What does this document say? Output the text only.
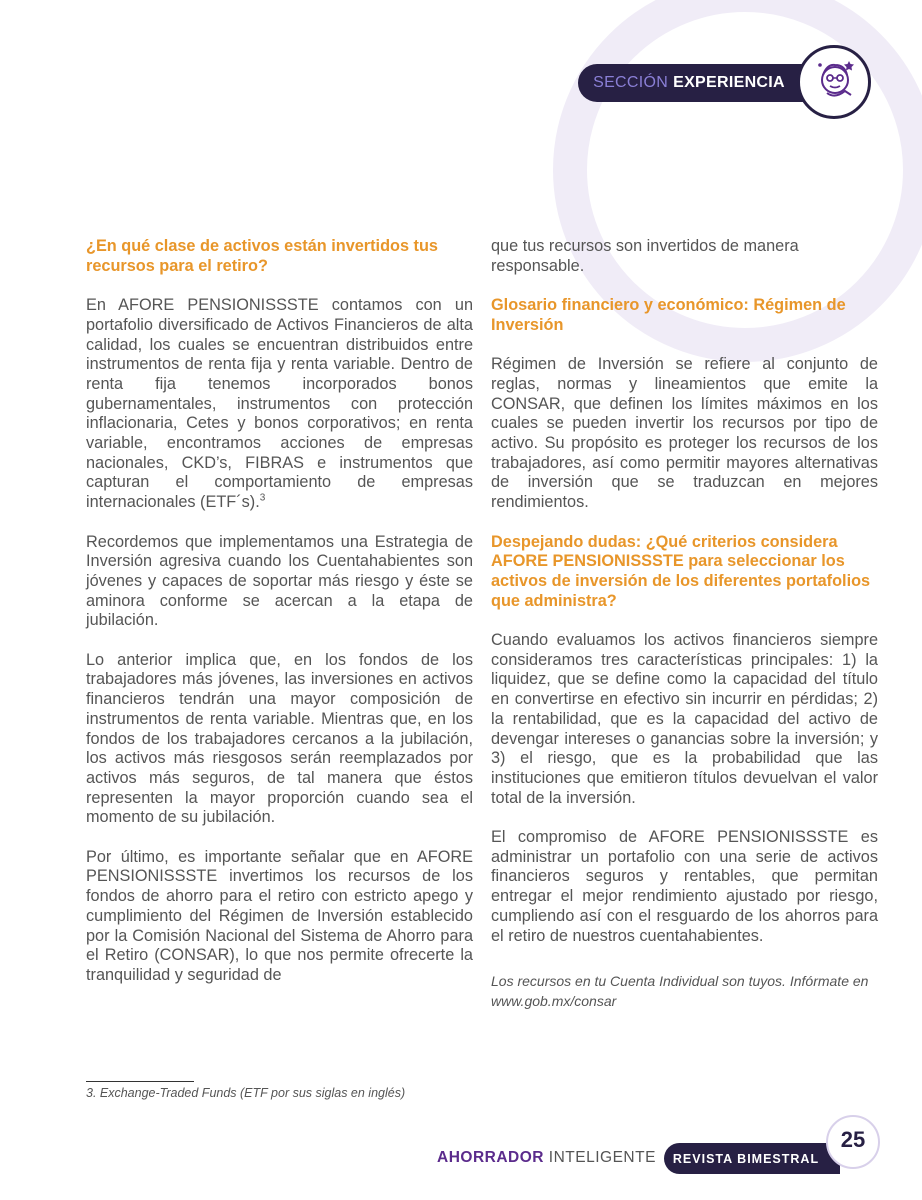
SECCIÓN EXPERIENCIA
¿En qué clase de activos están invertidos tus recursos para el retiro?

En AFORE PENSIONISSSTE contamos con un portafolio diversificado de Activos Financieros de alta calidad, los cuales se encuentran distribuidos entre instrumentos de renta fija y renta variable. Dentro de renta fija tenemos incorporados bonos gubernamentales, instrumentos con protección inflacionaria, Cetes y bonos corporativos; en renta variable, encontramos acciones de empresas nacionales, CKD’s, FIBRAS e instrumentos que capturan el comportamiento de empresas internacionales (ETF´s).$^3$

Recordemos que implementamos una Estrategia de Inversión agresiva cuando los Cuentahabientes son jóvenes y capaces de soportar más riesgo y éste se aminora conforme se acercan a la etapa de jubilación.

Lo anterior implica que, en los fondos de los trabajadores más jóvenes, las inversiones en activos financieros tendrán una mayor composición de instrumentos de renta variable. Mientras que, en los fondos de los trabajadores cercanos a la jubilación, los activos más riesgosos serán reemplazados por activos más seguros, de tal manera que éstos representen la mayor proporción cuando sea el momento de su jubilación.

Por último, es importante señalar que en AFORE PENSIONISSSTE invertimos los recursos de los fondos de ahorro para el retiro con estricto apego y cumplimiento del Régimen de Inversión establecido por la Comisión Nacional del Sistema de Ahorro para el Retiro (CONSAR), lo que nos permite ofrecerte la tranquilidad y seguridad de

que tus recursos son invertidos de manera responsable.

Glosario financiero y económico: Régimen de Inversión

Régimen de Inversión se refiere al conjunto de reglas, normas y lineamientos que emite la CONSAR, que definen los límites máximos en los cuales se pueden invertir los recursos por tipo de activo. Su propósito es proteger los recursos de los trabajadores, así como permitir mayores alternativas de inversión que se traduzcan en mejores rendimientos.

Despejando dudas: ¿Qué criterios considera AFORE PENSIONISSSTE para seleccionar los activos de inversión de los diferentes portafolios que administra?

Cuando evaluamos los activos financieros siempre consideramos tres características principales: 1) la liquidez, que se define como la capacidad del título en convertirse en efectivo sin incurrir en pérdidas; 2) la rentabilidad, que es la capacidad del activo de devengar intereses o ganancias sobre la inversión; y 3) el riesgo, que es la probabilidad que las instituciones que emitieron títulos devuelvan el valor total de la inversión.

El compromiso de AFORE PENSIONISSSTE es administrar un portafolio con una serie de activos financieros seguros y rentables, que permitan entregar el mejor rendimiento ajustado por riesgo, cumpliendo así con el resguardo de los ahorros para el retiro de nuestros cuentahabientes.

Los recursos en tu Cuenta Individual son tuyos. Infórmate en www.gob.mx/consar

3. Exchange-Traded Funds (ETF por sus siglas en inglés)
AHORRADOR INTELIGENTE	REVISTA BIMESTRAL
25
